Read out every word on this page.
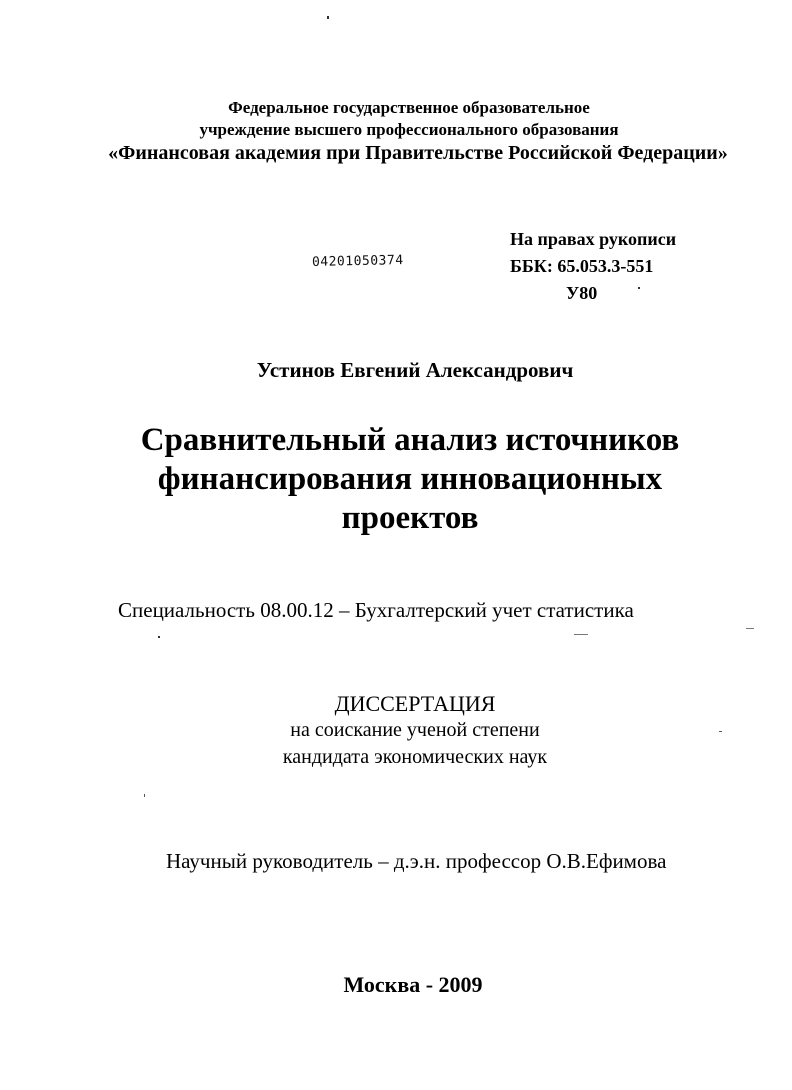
Федеральное государственное образовательное
учреждение высшего профессионального образования
«Финансовая академия при Правительстве Российской Федерации»
04201050374
На правах рукописи
ББК: 65.053.3-551
У80
Устинов Евгений Александрович
Сравнительный анализ источников
финансирования инновационных
проектов
Специальность 08.00.12 – Бухгалтерский учет статистика
ДИССЕРТАЦИЯ
на соискание ученой степени
кандидата экономических наук
Научный руководитель – д.э.н. профессор О.В.Ефимова
Москва - 2009
